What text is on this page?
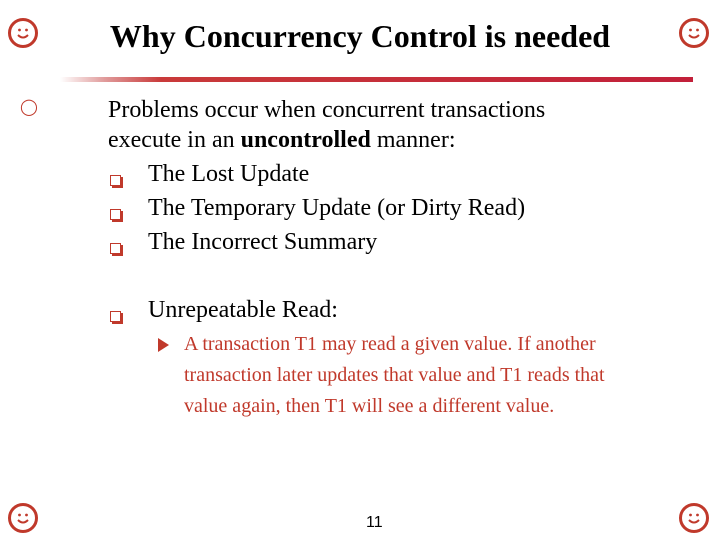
Why Concurrency Control is needed
◯	Problems occur when concurrent transactions
execute in an uncontrolled manner:
The Lost Update
The Temporary Update (or Dirty Read)
The Incorrect Summary
Unrepeatable Read:
A transaction T1 may read a given value. If another
transaction later updates that value and T1 reads that
value again, then T1 will see a different value.
11
